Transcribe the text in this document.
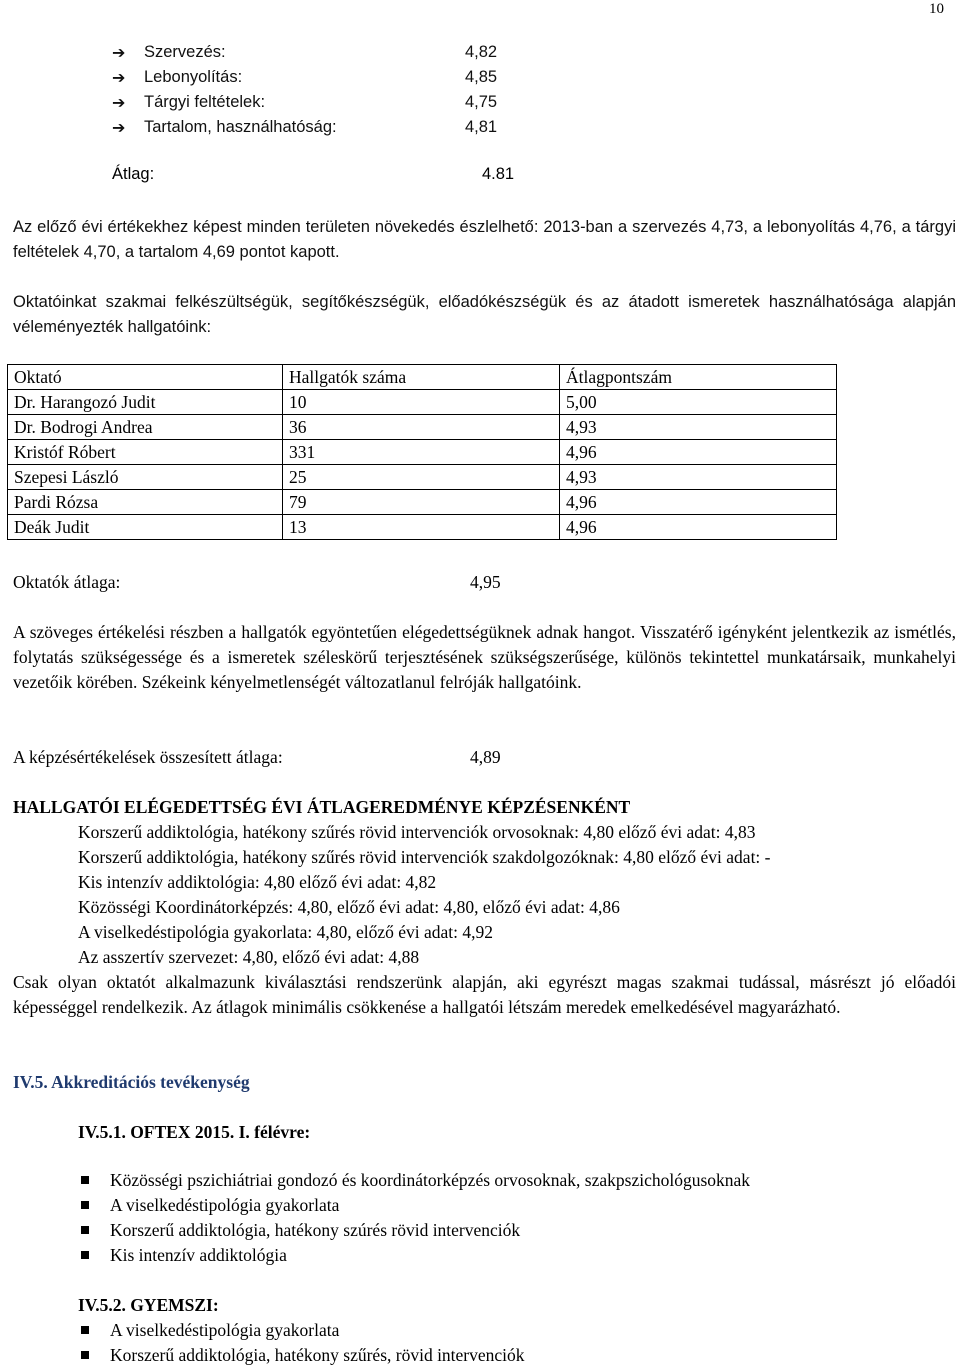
10
➔ Szervezés:	4,82
➔ Lebonyolítás:	4,85
➔ Tárgyi feltételek:	4,75
➔ Tartalom, használhatóság:	4,81
Átlag:	4.81
Az előző évi értékekhez képest minden területen növekedés észlelhető: 2013-ban a szervezés 4,73, a lebonyolítás 4,76, a tárgyi feltételek 4,70, a tartalom 4,69 pontot kapott.
Oktatóinkat szakmai felkészültségük, segítőkészségük, előadókészségük és az átadott ismeretek használhatósága alapján véleményezték hallgatóink:
Oktató	Hallgatók száma	Átlagpontszám
Dr. Harangozó Judit	10	5,00
Dr. Bodrogi Andrea	36	4,93
Kristóf Róbert	331	4,96
Szepesi László	25	4,93
Pardi Rózsa	79	4,96
Deák Judit	13	4,96
Oktatók átlaga:	4,95
A szöveges értékelési részben a hallgatók egyöntetűen elégedettségüknek adnak hangot. Visszatérő igényként jelentkezik az ismétlés, folytatás szükségessége és a ismeretek széleskörű terjesztésének szükségszerűsége, különös tekintettel munkatársaik, munkahelyi vezetőik körében. Székeink kényelmetlenségét változatlanul felróják hallgatóink.
A képzésértékelések összesített átlaga:	4,89
HALLGATÓI ELÉGEDETTSÉG ÉVI ÁTLAGEREDMÉNYE KÉPZÉSENKÉNT
Korszerű addiktológia, hatékony szűrés rövid intervenciók orvosoknak: 4,80 előző évi adat: 4,83
Korszerű addiktológia, hatékony szűrés rövid intervenciók szakdolgozóknak: 4,80 előző évi adat: -
Kis intenzív addiktológia: 4,80 előző évi adat: 4,82
Közösségi Koordinátorképzés: 4,80, előző évi adat: 4,80, előző évi adat: 4,86
A viselkedéstipológia gyakorlata: 4,80, előző évi adat: 4,92
Az asszertív szervezet: 4,80, előző évi adat: 4,88
Csak olyan oktatót alkalmazunk kiválasztási rendszerünk alapján, aki egyrészt magas szakmai tudással, másrészt jó előadói képességgel rendelkezik. Az átlagok minimális csökkenése a hallgatói létszám meredek emelkedésével magyarázható.
IV.5. Akkreditációs tevékenység
IV.5.1. OFTEX 2015. I. félévre:
Közösségi pszichiátriai gondozó és koordinátorképzés orvosoknak, szakpszichológusoknak
A viselkedéstipológia gyakorlata
Korszerű addiktológia, hatékony szúrés rövid intervenciók
Kis intenzív addiktológia
IV.5.2. GYEMSZI:
A viselkedéstipológia gyakorlata
Korszerű addiktológia, hatékony szűrés, rövid intervenciók
